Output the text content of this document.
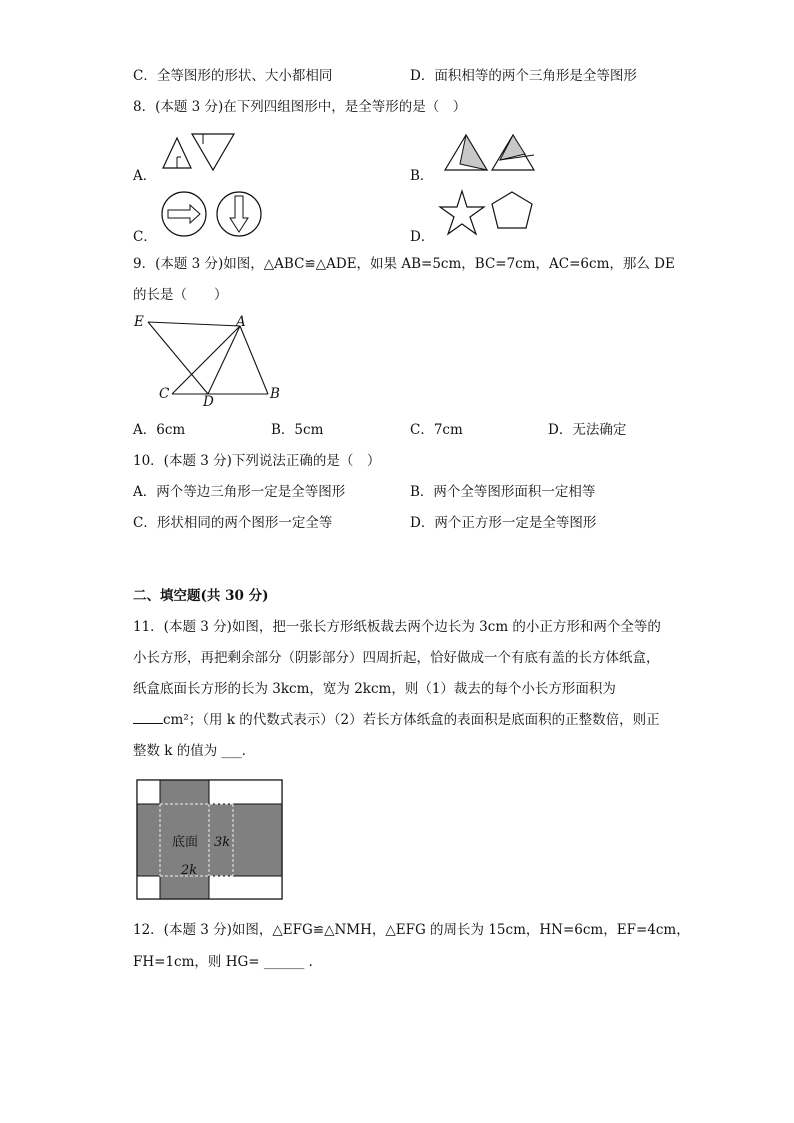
C．全等图形的形状、大小都相同	D．面积相等的两个三角形是全等图形
8．(本题 3 分)在下列四组图形中，是全等形的是（　）
A．	B．
C．	D．
9．(本题 3 分)如图，△ABC≌△ADE，如果 AB=5cm，BC=7cm，AC=6cm，那么 DE
的长是（　　）
E	A
C D	B
A．6cm	B．5cm	C．7cm	D．无法确定
10．(本题 3 分)下列说法正确的是（　）
A．两个等边三角形一定是全等图形	B．两个全等图形面积一定相等
C．形状相同的两个图形一定全等	D．两个正方形一定是全等图形
二、填空题(共 30 分)
11．(本题 3 分)如图，把一张长方形纸板裁去两个边长为 3cm 的小正方形和两个全等的
小长方形，再把剩余部分（阴影部分）四周折起，恰好做成一个有底有盖的长方体纸盒，
纸盒底面长方形的长为 3kcm，宽为 2kcm，则（1）裁去的每个小长方形面积为
cm²；（用 k 的代数式表示）（2）若长方体纸盒的表面积是底面积的正整数倍，则正
整数 k 的值为 ___．
底面 3k
2k
12．(本题 3 分)如图，△EFG≌△NMH，△EFG 的周长为 15cm，HN=6cm，EF=4cm，
FH=1cm，则 HG= ______ ．
